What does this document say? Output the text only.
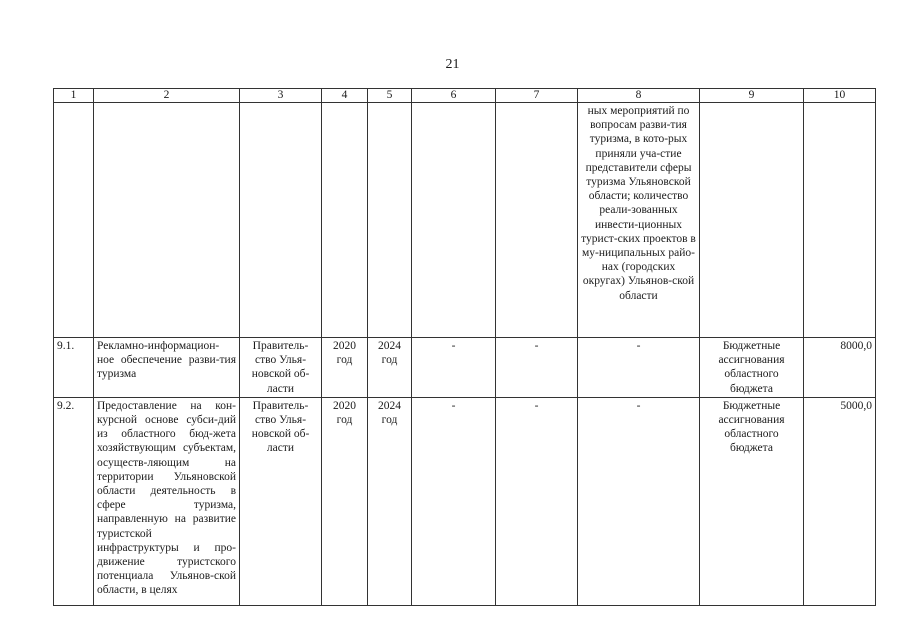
21
1	2	3	4	5	6	7	8	9	10
							ных мероприятий по вопросам разви-тия туризма, в кото-рых приняли уча-стие представители сферы туризма Ульяновской области; количество реали-зованных инвести-ционных турист-ских проектов в му-ниципальных райо-нах (городских округах) Ульянов-ской области		
9.1.	Рекламно-информацион-ное обеспечение разви-тия туризма	Правитель-ство Улья-новской об-ласти	2020 год	2024 год	-	-	-	Бюджетные ассигнования областного бюджета	8000,0
9.2.	Предоставление на кон-курсной основе субси-дий из областного бюд-жета хозяйствующим субъектам, осуществ-ляющим на территории Ульяновской области деятельность в сфере туризма, направленную на развитие туристской инфраструктуры и про-движение туристского потенциала Ульянов-ской области, в целях	Правитель-ство Улья-новской об-ласти	2020 год	2024 год	-	-	-	Бюджетные ассигнования областного бюджета	5000,0
